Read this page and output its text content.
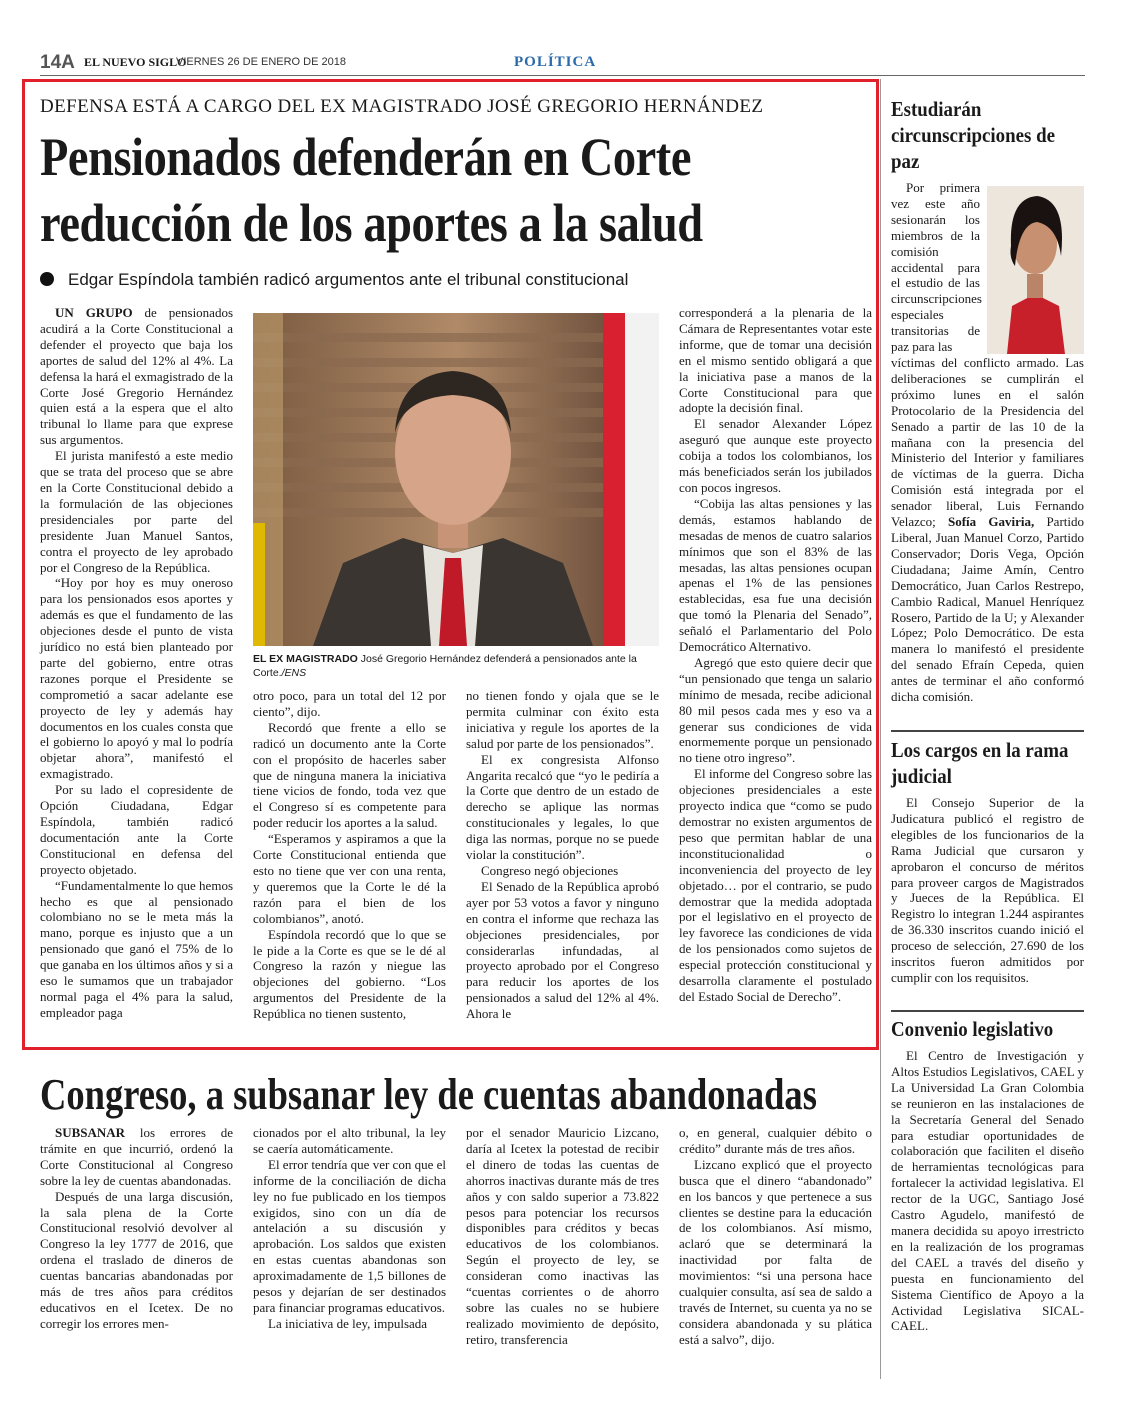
14A EL NUEVO SIGLO
VIERNES 26 DE ENERO DE 2018	POLÍTICA
DEFENSA ESTÁ A CARGO DEL EX MAGISTRADO JOSÉ GREGORIO HERNÁNDEZ
Pensionados defenderán en Corte
reducción de los aportes a la salud
Edgar Espíndola también radicó argumentos ante el tribunal constitucional

UN GRUPO de pensionados acudirá a la Corte Constitucional a defender el proyecto que baja los aportes de salud del 12% al 4%. La defensa la hará el exmagistrado de la Corte José Gregorio Hernández quien está a la espera que el alto tribunal lo llame para que exprese sus argumentos.

El jurista manifestó a este medio que se trata del proceso que se abre en la Corte Constitucional debido a la formulación de las objeciones presidenciales por parte del presidente Juan Manuel Santos, contra el proyecto de ley aprobado por el Congreso de la República.

“Hoy por hoy es muy oneroso para los pensionados esos aportes y además es que el fundamento de las objeciones desde el punto de vista jurídico no está bien planteado por parte del gobierno, entre otras razones porque el Presidente se comprometió a sacar adelante ese proyecto de ley y además hay documentos en los cuales consta que el gobierno lo apoyó y mal lo podría objetar ahora”, manifestó el exmagistrado.

Por su lado el copresidente de Opción Ciudadana, Edgar Espíndola, también radicó documentación ante la Corte Constitucional en defensa del proyecto objetado.

“Fundamentalmente lo que hemos hecho es que al pensionado colombiano no se le meta más la mano, porque es injusto que a un pensionado que ganó el 75% de lo que ganaba en los últimos años y si a eso le sumamos que un trabajador normal paga el 4% para la salud, empleador paga

EL EX MAGISTRADO José Gregorio Hernández defenderá a pensionados ante la Corte./ENS

otro poco, para un total del 12 por ciento”, dijo.

Recordó que frente a ello se radicó un documento ante la Corte con el propósito de hacerles saber que de ninguna manera la iniciativa tiene vicios de fondo, toda vez que el Congreso sí es competente para poder reducir los aportes a la salud.

“Esperamos y aspiramos a que la Corte Constitucional entienda que esto no tiene que ver con una renta, y queremos que la Corte le dé la razón para el bien de los colombianos”, anotó.

Espíndola recordó que lo que se le pide a la Corte es que se le dé al Congreso la razón y niegue las objeciones del gobierno. “Los argumentos del Presidente de la República no tienen sustento,

no tienen fondo y ojala que se le permita culminar con éxito esta iniciativa y regule los aportes de la salud por parte de los pensionados”.

El ex congresista Alfonso Angarita recalcó que “yo le pediría a la Corte que dentro de un estado de derecho se aplique las normas constitucionales y legales, lo que diga las normas, porque no se puede violar la constitución”.

Congreso negó objeciones

El Senado de la República aprobó ayer por 53 votos a favor y ninguno en contra el informe que rechaza las objeciones presidenciales, por considerarlas infundadas, al proyecto aprobado por el Congreso para reducir los aportes de los pensionados a salud del 12% al 4%. Ahora le

corresponderá a la plenaria de la Cámara de Representantes votar este informe, que de tomar una decisión en el mismo sentido obligará a que la iniciativa pase a manos de la Corte Constitucional para que adopte la decisión final.

El senador Alexander López aseguró que aunque este proyecto cobija a todos los colombianos, los más beneficiados serán los jubilados con pocos ingresos.

“Cobija las altas pensiones y las demás, estamos hablando de mesadas de menos de cuatro salarios mínimos que son el 83% de las mesadas, las altas pensiones ocupan apenas el 1% de las pensiones establecidas, esa fue una decisión que tomó la Plenaria del Senado”, señaló el Parlamentario del Polo Democrático Alternativo.

Agregó que esto quiere decir que “un pensionado que tenga un salario mínimo de mesada, recibe adicional 80 mil pesos cada mes y eso va a generar sus condiciones de vida enormemente porque un pensionado no tiene otro ingreso”.

El informe del Congreso sobre las objeciones presidenciales a este proyecto indica que “como se pudo demostrar no existen argumentos de peso que permitan hablar de una inconstitucionalidad o inconveniencia del proyecto de ley objetado… por el contrario, se pudo demostrar que la medida adoptada por el legislativo en el proyecto de ley favorece las condiciones de vida de los pensionados como sujetos de especial protección constitucional y desarrolla claramente el postulado del Estado Social de Derecho”.

Congreso, a subsanar ley de cuentas abandonadas

SUBSANAR los errores de trámite en que incurrió, ordenó la Corte Constitucional al Congreso sobre la ley de cuentas abandonadas.

Después de una larga discusión, la sala plena de la Corte Constitucional resolvió devolver al Congreso la ley 1777 de 2016, que ordena el traslado de dineros de cuentas bancarias abandonadas por más de tres años para créditos educativos en el Icetex. De no corregir los errores men-

cionados por el alto tribunal, la ley se caería automáticamente.

El error tendría que ver con que el informe de la conciliación de dicha ley no fue publicado en los tiempos exigidos, sino con un día de antelación a su discusión y aprobación. Los saldos que existen en estas cuentas abandonas son aproximadamente de 1,5 billones de pesos y dejarían de ser destinados para financiar programas educativos.

La iniciativa de ley, impulsada

por el senador Mauricio Lizcano, daría al Icetex la potestad de recibir el dinero de todas las cuentas de ahorros inactivas durante más de tres años y con saldo superior a 73.822 pesos para potenciar los recursos disponibles para créditos y becas educativos de los colombianos. Según el proyecto de ley, se consideran como inactivas las “cuentas corrientes o de ahorro sobre las cuales no se hubiere realizado movimiento de depósito, retiro, transferencia

o, en general, cualquier débito o crédito” durante más de tres años.

Lizcano explicó que el proyecto busca que el dinero “abandonado” en los bancos y que pertenece a sus clientes se destine para la educación de los colombianos. Así mismo, aclaró que se determinará la inactividad por falta de movimientos: “si una persona hace cualquier consulta, así sea de saldo a través de Internet, su cuenta ya no se considera abandonada y su plática está a salvo”, dijo.

Estudiarán circunscripciones de paz

Por primera vez este año sesionarán los miembros de la comisión accidental para el estudio de las circunscripciones especiales transitorias de paz para las

víctimas del conflicto armado. Las deliberaciones se cumplirán el próximo lunes en el salón Protocolario de la Presidencia del Senado a partir de las 10 de la mañana con la presencia del Ministerio del Interior y familiares de víctimas de la guerra. Dicha Comisión está integrada por el senador liberal, Luis Fernando Velazco; Sofía Gaviria, Partido Liberal, Juan Manuel Corzo, Partido Conservador; Doris Vega, Opción Ciudadana; Jaime Amín, Centro Democrático, Juan Carlos Restrepo, Cambio Radical, Manuel Henríquez Rosero, Partido de la U; y Alexander López; Polo Democrático. De esta manera lo manifestó el presidente del senado Efraín Cepeda, quien antes de terminar el año conformó dicha comisión.

Los cargos en la rama judicial

El Consejo Superior de la Judicatura publicó el registro de elegibles de los funcionarios de la Rama Judicial que cursaron y aprobaron el concurso de méritos para proveer cargos de Magistrados y Jueces de la República. El Registro lo integran 1.244 aspirantes de 36.330 inscritos cuando inició el proceso de selección, 27.690 de los inscritos fueron admitidos por cumplir con los requisitos.

Convenio legislativo

El Centro de Investigación y Altos Estudios Legislativos, CAEL y La Universidad La Gran Colombia se reunieron en las instalaciones de la Secretaría General del Senado para estudiar oportunidades de colaboración que faciliten el diseño de herramientas tecnológicas para fortalecer la actividad legislativa. El rector de la UGC, Santiago José Castro Agudelo, manifestó de manera decidida su apoyo irrestricto en la realización de los programas del CAEL a través del diseño y puesta en funcionamiento del Sistema Científico de Apoyo a la Actividad Legislativa SICAL- CAEL.
